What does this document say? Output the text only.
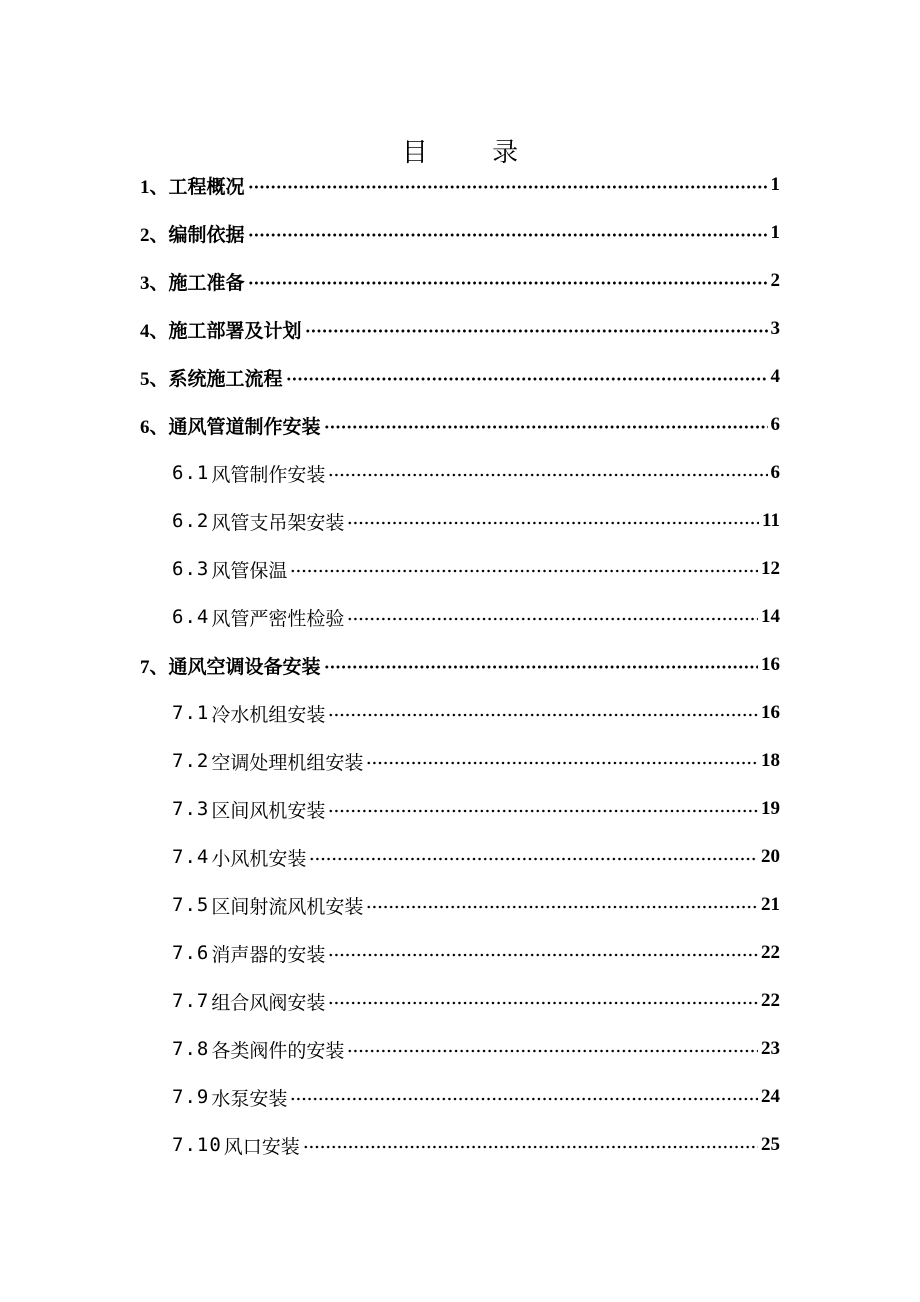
目 录
1、 工程概况	1
2、 编制依据	1
3、 施工准备	2
4、 施工部署及计划	3
5、 系统施工流程	4
6、 通风管道制作安装	6
6.1 风管制作安装	6
6.2 风管支吊架安装	11
6.3 风管保温	12
6.4 风管严密性检验	14
7、 通风空调设备安装	16
7.1 冷水机组安装	16
7.2 空调处理机组安装	18
7.3 区间风机安装	19
7.4 小风机安装	20
7.5 区间射流风机安装	21
7.6 消声器的安装	22
7.7 组合风阀安装	22
7.8 各类阀件的安装	23
7.9 水泵安装	24
7.10 风口安装	25
